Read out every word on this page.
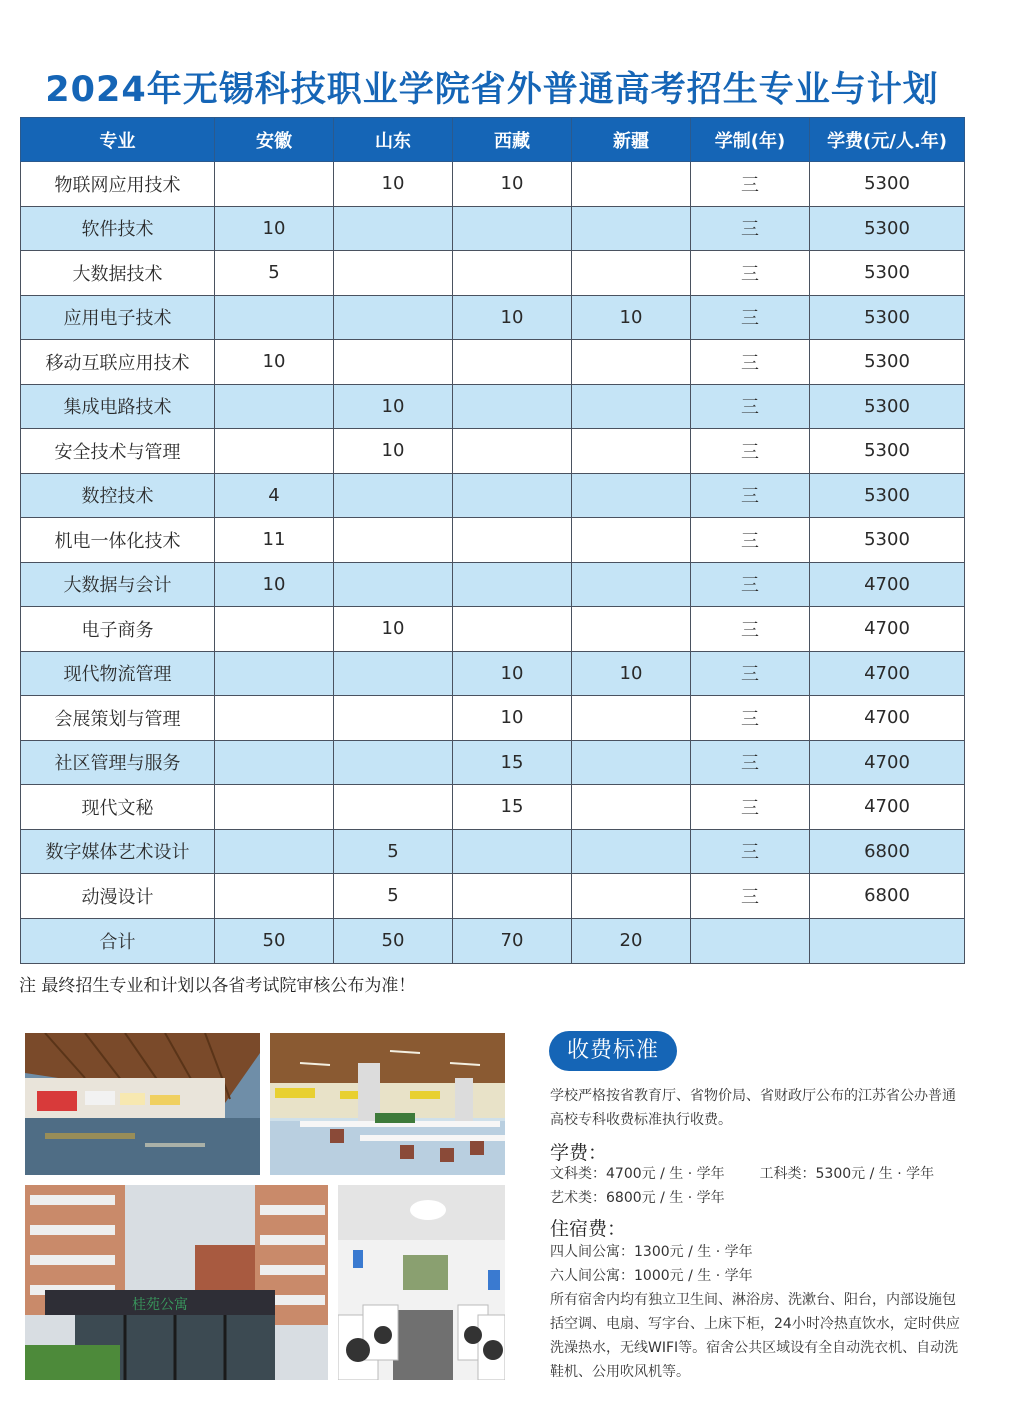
2024年无锡科技职业学院省外普通高考招生专业与计划
专业	安徽	山东	西藏	新疆	学制(年)	学费(元/人.年)
物联网应用技术		10	10		三	5300
软件技术	10				三	5300
大数据技术	5				三	5300
应用电子技术			10	10	三	5300
移动互联应用技术	10				三	5300
集成电路技术		10			三	5300
安全技术与管理		10			三	5300
数控技术	4				三	5300
机电一体化技术	11				三	5300
大数据与会计	10				三	4700
电子商务		10			三	4700
现代物流管理			10	10	三	4700
会展策划与管理			10		三	4700
社区管理与服务			15		三	4700
现代文秘			15		三	4700
数字媒体艺术设计		5			三	6800
动漫设计		5			三	6800
合计	50	50	70	20		
注 最终招生专业和计划以各省考试院审核公布为准！
桂苑公寓
收费标准
学校严格按省教育厅、省物价局、省财政厅公布的江苏省公办普通高校专科收费标准执行收费。
学费：
文科类：4700元 / 生 · 学年 工科类：5300元 / 生 · 学年
艺术类：6800元 / 生 · 学年
住宿费：
四人间公寓：1300元 / 生 · 学年
六人间公寓：1000元 / 生 · 学年
所有宿舍内均有独立卫生间、淋浴房、洗漱台、阳台，内部设施包括空调、电扇、写字台、上床下柜，24小时冷热直饮水，定时供应洗澡热水，无线WIFI等。宿舍公共区域设有全自动洗衣机、自动洗鞋机、公用吹风机等。
